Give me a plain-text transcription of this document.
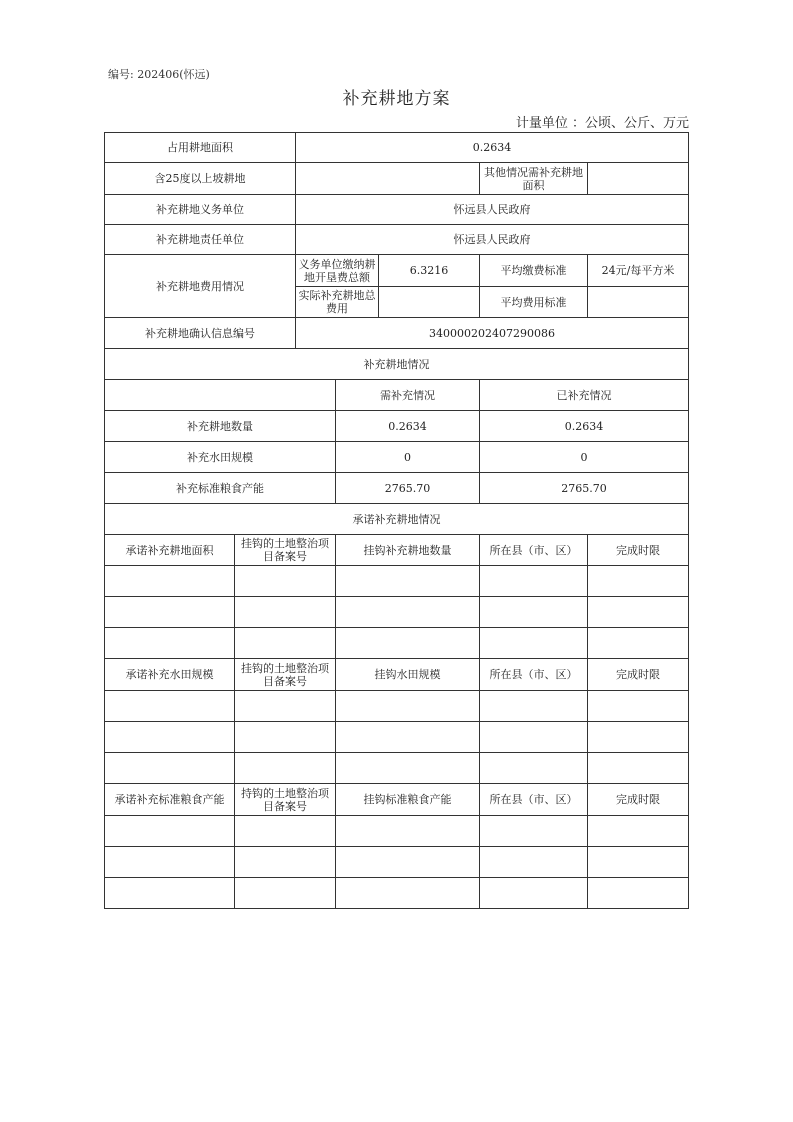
编号: 202406(怀远)
补充耕地方案
计量单位 ：公顷、公斤、万元
占用耕地面积		0.2634				
含25度以上坡耕地					其他情况需补充耕地面积	
补充耕地义务单位		怀远县人民政府				
补充耕地责任单位		怀远县人民政府				
补充耕地费用情况		义务单位缴纳耕地开垦费总额		6.3216	平均缴费标准	24元/每平方米
		实际补充耕地总费用			平均费用标准	
补充耕地确认信息编号		340000202407290086				
补充耕地情况						
			需补充情况		已补充情况	
补充耕地数量			0.2634		0.2634	
补充水田规模			0		0	
补充标准粮食产能			2765.70		2765.70	
承诺补充耕地情况						
承诺补充耕地面积	挂钩的土地整治项目备案号		挂钩补充耕地数量		所在县（市、区）	完成时限

承诺补充水田规模	挂钩的土地整治项目备案号		挂钩水田规模		所在县（市、区）	完成时限

承诺补充标准粮食产能	持钩的土地整治项目备案号		挂钩标准粮食产能		所在县（市、区）	完成时限
